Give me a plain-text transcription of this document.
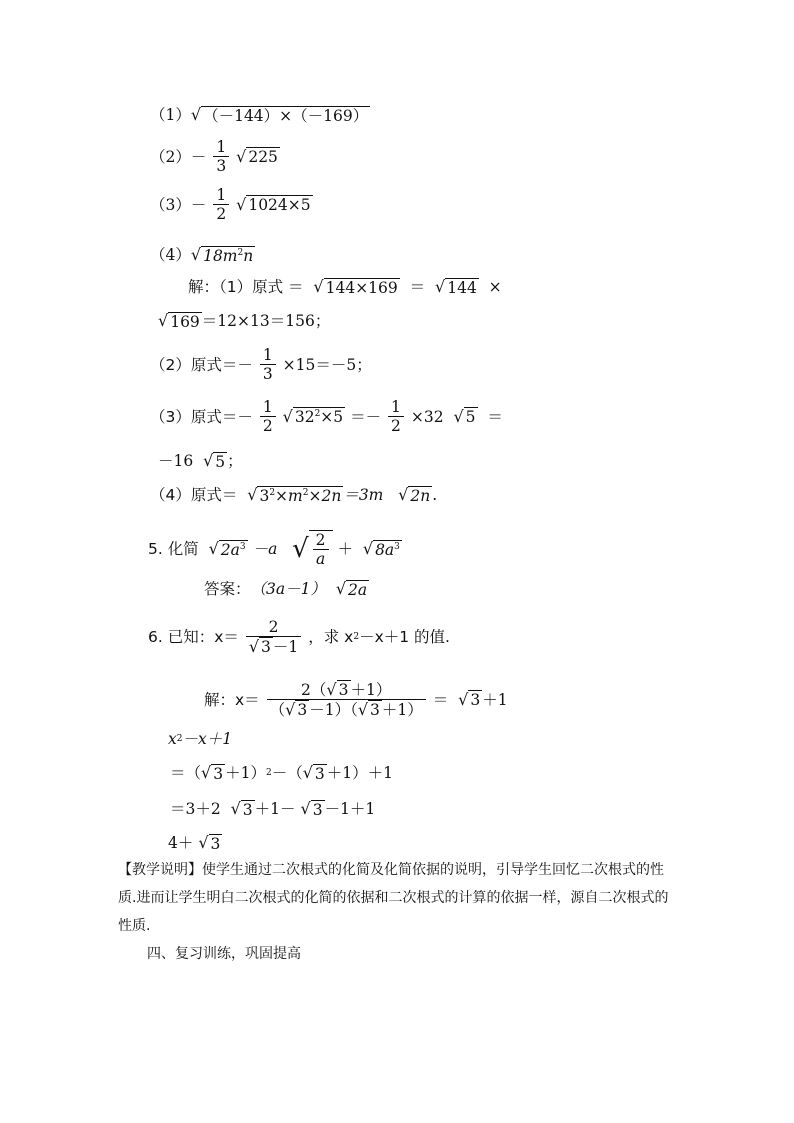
（1）√ （－144）×（－169）
$(2)- \frac{1}{3}$ √ 225
$(3)- \frac{1}{2}$ √ 1024×5
（4）√ $18m^2n$
解：（1）原式 ＝ √ 144×169 ＝ √ 144 ×
√ 169 ＝12×13＝156；
（2）原式＝－ $\frac{1}{3} \times 15=-5$；
（3）原式＝－ $\frac{1}{2}$ √ $32^2\times 5 =- \frac{1}{2} \times 32$ √ 5 ＝
－16 √ 5 ；
（4）原式＝ √ $3^2\times m^2\times 2n =3m$ √ 2n .
5. 化简 √ $2a^3 -a$ √ $\frac{2}{a}$ ＋ √ $8a^3$
答案：（3a－1） √ 2a
6. 已知：$x= \frac{2}{√ 3 -1}$ ，求 x2－x＋1 的值.
解：$x= \frac{2(√ 3 +1)}{(√ 3 -1)(√ 3 +1)}$ ＝ √ 3 ＋1
x2－x＋1
＝（√ 3 ＋1）2－（√ 3 ＋1）＋1
＝3＋2 √ 3 ＋1－ √ 3 －1＋1
4＋ √ 3
【教学说明】使学生通过二次根式的化简及化简依据的说明，引导学生回忆二次根式的性质.进而让学生明白二次根式的化简的依据和二次根式的计算的依据一样，源自二次根式的性质.
四、复习训练，巩固提高
